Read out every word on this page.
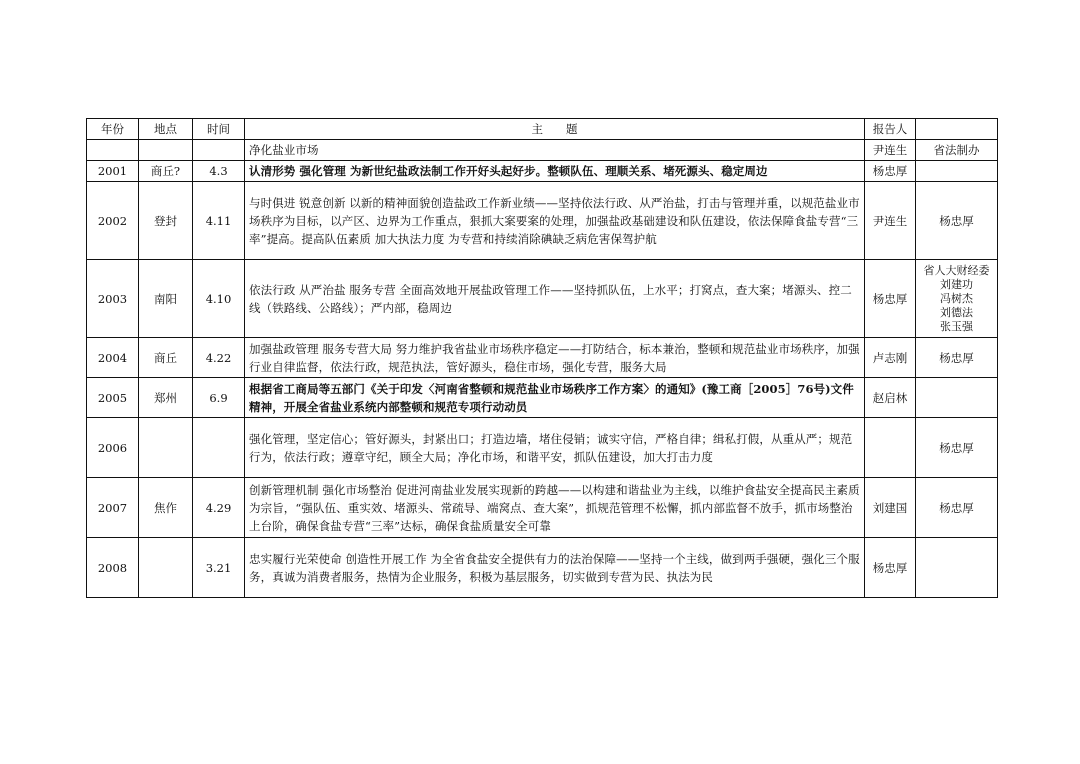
年份	地点	时间	主　　题	报告人	
			净化盐业市场	尹连生	省法制办
2001	商丘?	4.3	认清形势 强化管理 为新世纪盐政法制工作开好头起好步。整顿队伍、理顺关系、堵死源头、稳定周边	杨忠厚	
2002	登封	4.11	与时俱进 锐意创新 以新的精神面貌创造盐政工作新业绩——坚持依法行政、从严治盐，打击与管理并重，以规范盐业市场秩序为目标，以产区、边界为工作重点，狠抓大案要案的处理，加强盐政基础建设和队伍建设，依法保障食盐专营“三率”提高。提高队伍素质 加大执法力度 为专营和持续消除碘缺乏病危害保驾护航	尹连生	杨忠厚
2003	南阳	4.10	依法行政 从严治盐 服务专营 全面高效地开展盐政管理工作——坚持抓队伍，上水平；打窝点，查大案；堵源头、控二线（铁路线、公路线）；严内部，稳周边	杨忠厚	省人大财经委刘建功
冯树杰
刘德法
张玉强
2004	商丘	4.22	加强盐政管理 服务专营大局 努力维护我省盐业市场秩序稳定——打防结合，标本兼治，整顿和规范盐业市场秩序，加强行业自律监督，依法行政，规范执法，管好源头，稳住市场，强化专营，服务大局	卢志刚	杨忠厚
2005	郑州	6.9	根据省工商局等五部门《关于印发〈河南省整顿和规范盐业市场秩序工作方案〉的通知》(豫工商［2005］76号)文件精神，开展全省盐业系统内部整顿和规范专项行动动员	赵启林	
2006			强化管理，坚定信心；管好源头，封紧出口；打造边墙，堵住侵销；诚实守信，严格自律；缉私打假，从重从严；规范行为，依法行政；遵章守纪，顾全大局；净化市场，和谐平安，抓队伍建设，加大打击力度		杨忠厚
2007	焦作	4.29	创新管理机制 强化市场整治 促进河南盐业发展实现新的跨越——以构建和谐盐业为主线，以维护食盐安全提高民主素质为宗旨，“强队伍、重实效、堵源头、常疏导、端窝点、查大案”，抓规范管理不松懈，抓内部监督不放手，抓市场整治上台阶，确保食盐专营“三率”达标，确保食盐质量安全可靠	刘建国	杨忠厚
2008		3.21	忠实履行光荣使命 创造性开展工作 为全省食盐安全提供有力的法治保障——坚持一个主线，做到两手强硬，强化三个服务，真诚为消费者服务，热情为企业服务，积极为基层服务，切实做到专营为民、执法为民	杨忠厚	
